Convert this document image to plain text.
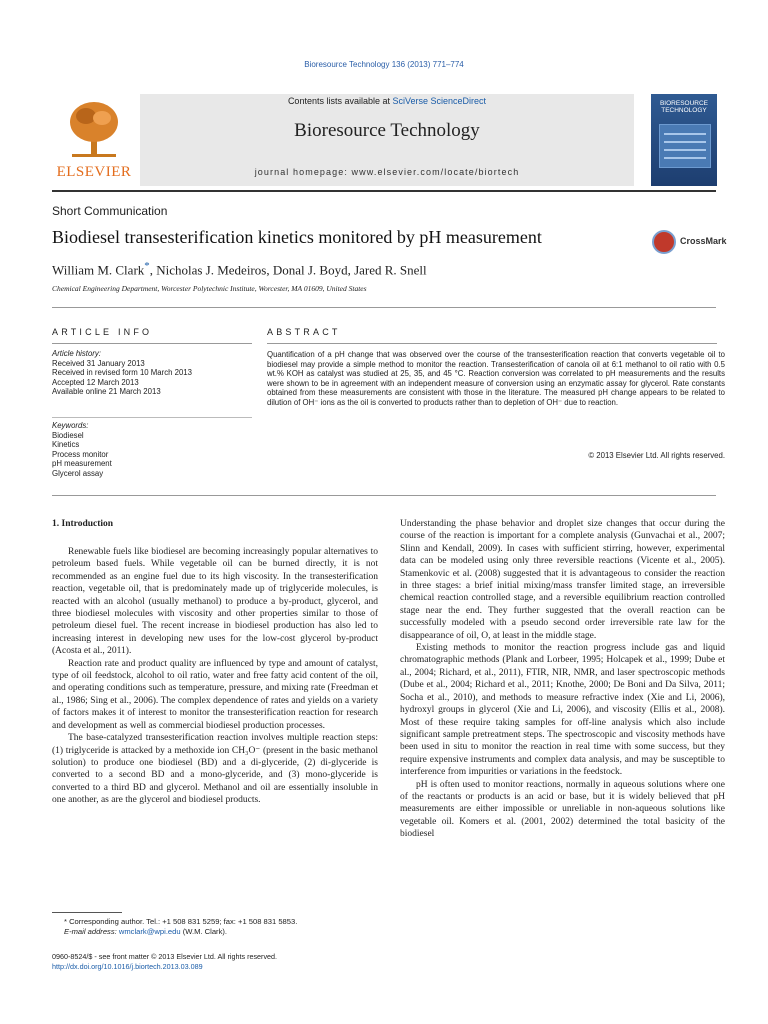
Bioresource Technology 136 (2013) 771–774
ELSEVIER
Contents lists available at SciVerse ScienceDirect
Bioresource Technology
journal homepage: www.elsevier.com/locate/biortech
BIORESOURCE TECHNOLOGY
Short Communication
Biodiesel transesterification kinetics monitored by pH measurement	CrossMark
William M. Clark*, Nicholas J. Medeiros, Donal J. Boyd, Jared R. Snell
Chemical Engineering Department, Worcester Polytechnic Institute, Worcester, MA 01609, United States
ARTICLE INFO	ABSTRACT
Article history:
Received 31 January 2013
Received in revised form 10 March 2013
Accepted 12 March 2013
Available online 21 March 2013
Keywords:
Biodiesel
Kinetics
Process monitor
pH measurement
Glycerol assay
Quantification of a pH change that was observed over the course of the transesterification reaction that converts vegetable oil to biodiesel may provide a simple method to monitor the reaction. Transesterification of canola oil at 6:1 methanol to oil ratio with 0.5 wt.% KOH as catalyst was studied at 25, 35, and 45 °C. Reaction conversion was correlated to pH measurements and the results were shown to be in agreement with an independent measure of conversion using an enzymatic assay for glycerol. Rate constants obtained from these measurements are consistent with those in the literature. The measured pH change appears to be related to dilution of OH⁻ ions as the oil is converted to products rather than to depletion of OH⁻ due to reaction.
© 2013 Elsevier Ltd. All rights reserved.
1. Introduction

Renewable fuels like biodiesel are becoming increasingly popular alternatives to petroleum based fuels. While vegetable oil can be burned directly, it is not recommended as an engine fuel due to its high viscosity. In the transesterification reaction, vegetable oil, that is predominately made up of triglyceride molecules, is reacted with an alcohol (usually methanol) to produce a by-product, glycerol, and three biodiesel molecules with viscosity and other properties similar to those of petroleum diesel fuel. The recent increase in biodiesel production has also led to increasing interest in developing new uses for the low-cost glycerol by-product (Acosta et al., 2011).

Reaction rate and product quality are influenced by type and amount of catalyst, type of oil feedstock, alcohol to oil ratio, water and free fatty acid content of the oil, and operating conditions such as temperature, pressure, and mixing rate (Freedman et al., 1986; Sing et al., 2006). The complex dependence of rates and yields on a variety of factors makes it of interest to monitor the transesterification reaction for research and development as well as commercial biodiesel production processes.

The base-catalyzed transesterification reaction involves multiple reaction steps: (1) triglyceride is attacked by a methoxide ion CH₃O⁻ (present in the basic methanol solution) to produce one biodiesel (BD) and a di-glyceride, (2) di-glyceride is converted to a second BD and a mono-glyceride, and (3) mono-glyceride is converted to a third BD and glycerol. Methanol and oil are essentially insoluble in one another, as are the glycerol and biodiesel products.

Understanding the phase behavior and droplet size changes that occur during the course of the reaction is important for a complete analysis (Gunvachai et al., 2007; Slinn and Kendall, 2009). In cases with sufficient stirring, however, experimental data can be modeled using only three reversible reactions (Vicente et al., 2005). Stamenkovic et al. (2008) suggested that it is advantageous to consider the reaction in three stages: a brief initial mixing/mass transfer limited stage, an irreversible chemical reaction controlled stage, and a reversible equilibrium reaction controlled stage near the end. They further suggested that the overall reaction can be successfully modeled with a pseudo second order irreversible rate law for the disappearance of oil, O, at least in the middle stage.

Existing methods to monitor the reaction progress include gas and liquid chromatographic methods (Plank and Lorbeer, 1995; Holcapek et al., 1999; Dube et al., 2004; Richard, et al., 2011), FTIR, NIR, NMR, and laser spectroscopic methods (Dube et al., 2004; Richard et al., 2011; Knothe, 2000; De Boni and Da Silva, 2011; Socha et al., 2010), and methods to measure refractive index (Xie and Li, 2006), hydroxyl groups in glycerol (Xie and Li, 2006), and viscosity (Ellis et al., 2008). Most of these require taking samples for off-line analysis which also include significant sample pretreatment steps. The spectroscopic and viscosity methods have been used in situ to monitor the reaction in real time with some success, but they require expensive instruments and complex data analysis, and may be susceptible to interference from impurities or variations in the feedstock.

pH is often used to monitor reactions, normally in aqueous solutions where one of the reactants or products is an acid or base, but it is widely believed that pH measurements are either impossible or unreliable in non-aqueous solutions like vegetable oil. Komers et al. (2001, 2002) determined the total basicity of the biodiesel

* Corresponding author. Tel.: +1 508 831 5259; fax: +1 508 831 5853.
E-mail address: wmclark@wpi.edu (W.M. Clark).
0960-8524/$ - see front matter © 2013 Elsevier Ltd. All rights reserved.
http://dx.doi.org/10.1016/j.biortech.2013.03.089
